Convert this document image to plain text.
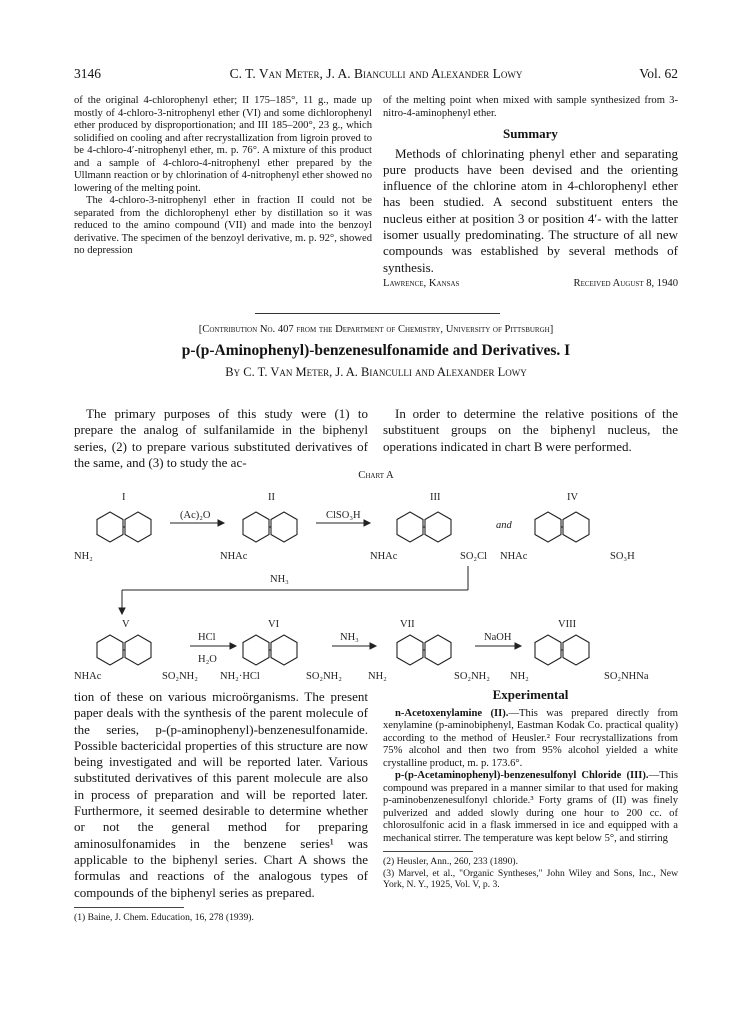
3146	C. T. Van Meter, J. A. Bianculli and Alexander Lowy	Vol. 62

of the original 4-chlorophenyl ether; II 175–185°, 11 g., made up mostly of 4-chloro-3-nitrophenyl ether (VI) and some dichlorophenyl ether produced by disproportionation; and III 185–200°, 23 g., which solidified on cooling and after recrystallization from ligroin proved to be 4-chloro-4′-nitrophenyl ether, m. p. 76°. A mixture of this product and a sample of 4-chloro-4-nitrophenyl ether prepared by the Ullmann reaction or by chlorination of 4-nitrophenyl ether showed no lowering of the melting point.

The 4-chloro-3-nitrophenyl ether in fraction II could not be separated from the dichlorophenyl ether by distillation so it was reduced to the amino compound (VII) and made into the benzoyl derivative. The specimen of the benzoyl derivative, m. p. 92°, showed no depression

of the melting point when mixed with sample synthesized from 3-nitro-4-aminophenyl ether.

Summary

Methods of chlorinating phenyl ether and separating pure products have been devised and the orienting influence of the chlorine atom in 4-chlorophenyl ether has been studied. A second substituent enters the nucleus either at position 3 or position 4′- with the latter isomer usually predominating. The structure of all new compounds was established by several methods of synthesis.

Lawrence, Kansas	Received August 8, 1940
[Contribution No. 407 from the Department of Chemistry, University of Pittsburgh]
p-(p-Aminophenyl)-benzenesulfonamide and Derivatives. I
By C. T. Van Meter, J. A. Bianculli and Alexander Lowy

The primary purposes of this study were (1) to prepare the analog of sulfanilamide in the biphenyl series, (2) to prepare various substituted derivatives of the same, and (3) to study the ac-

In order to determine the relative positions of the substituent groups on the biphenyl nucleus, the operations indicated in chart B were performed.

Chart A
I	II	III	IV
NH₂	NHAc	NHAc	SO₂Cl NHAc	SO₃H
(Ac)₂O	ClSO₃H
and
NH₃
V	VI	VII	VIII
NHAc	SO₂NH₂ NH₂·HCl	SO₂NH₂ NH₂	SO₂NH₂ NH₂	SO₂NHNa
HCl
H₂O
NH₃	NaOH

tion of these on various microörganisms. The present paper deals with the synthesis of the parent molecule of the series, p-(p-aminophenyl)-benzenesulfonamide. Possible bactericidal properties of this structure are now being investigated and will be reported later. Various substituted derivatives of this parent molecule are also in process of preparation and will be reported later. Furthermore, it seemed desirable to determine whether or not the general method for preparing aminosulfonamides in the benzene series¹ was applicable to the biphenyl series. Chart A shows the formulas and reactions of the analogous types of compounds of the biphenyl series as prepared.

(1) Baine, J. Chem. Education, 16, 278 (1939).

Experimental

n-Acetoxenylamine (II).—This was prepared directly from xenylamine (p-aminobiphenyl, Eastman Kodak Co. practical quality) according to the method of Heusler.² Four recrystallizations from 75% alcohol and then two from 95% alcohol yielded a white crystalline product, m. p. 173.6°.

p-(p-Acetaminophenyl)-benzenesulfonyl Chloride (III).—This compound was prepared in a manner similar to that used for making p-aminobenzenesulfonyl chloride.³ Forty grams of (II) was finely pulverized and added slowly during one hour to 200 cc. of chlorosulfonic acid in a flask immersed in ice and equipped with a mechanical stirrer. The temperature was kept below 5°, and stirring

(2) Heusler, Ann., 260, 233 (1890).

(3) Marvel, et al., "Organic Syntheses," John Wiley and Sons, Inc., New York, N. Y., 1925, Vol. V, p. 3.
